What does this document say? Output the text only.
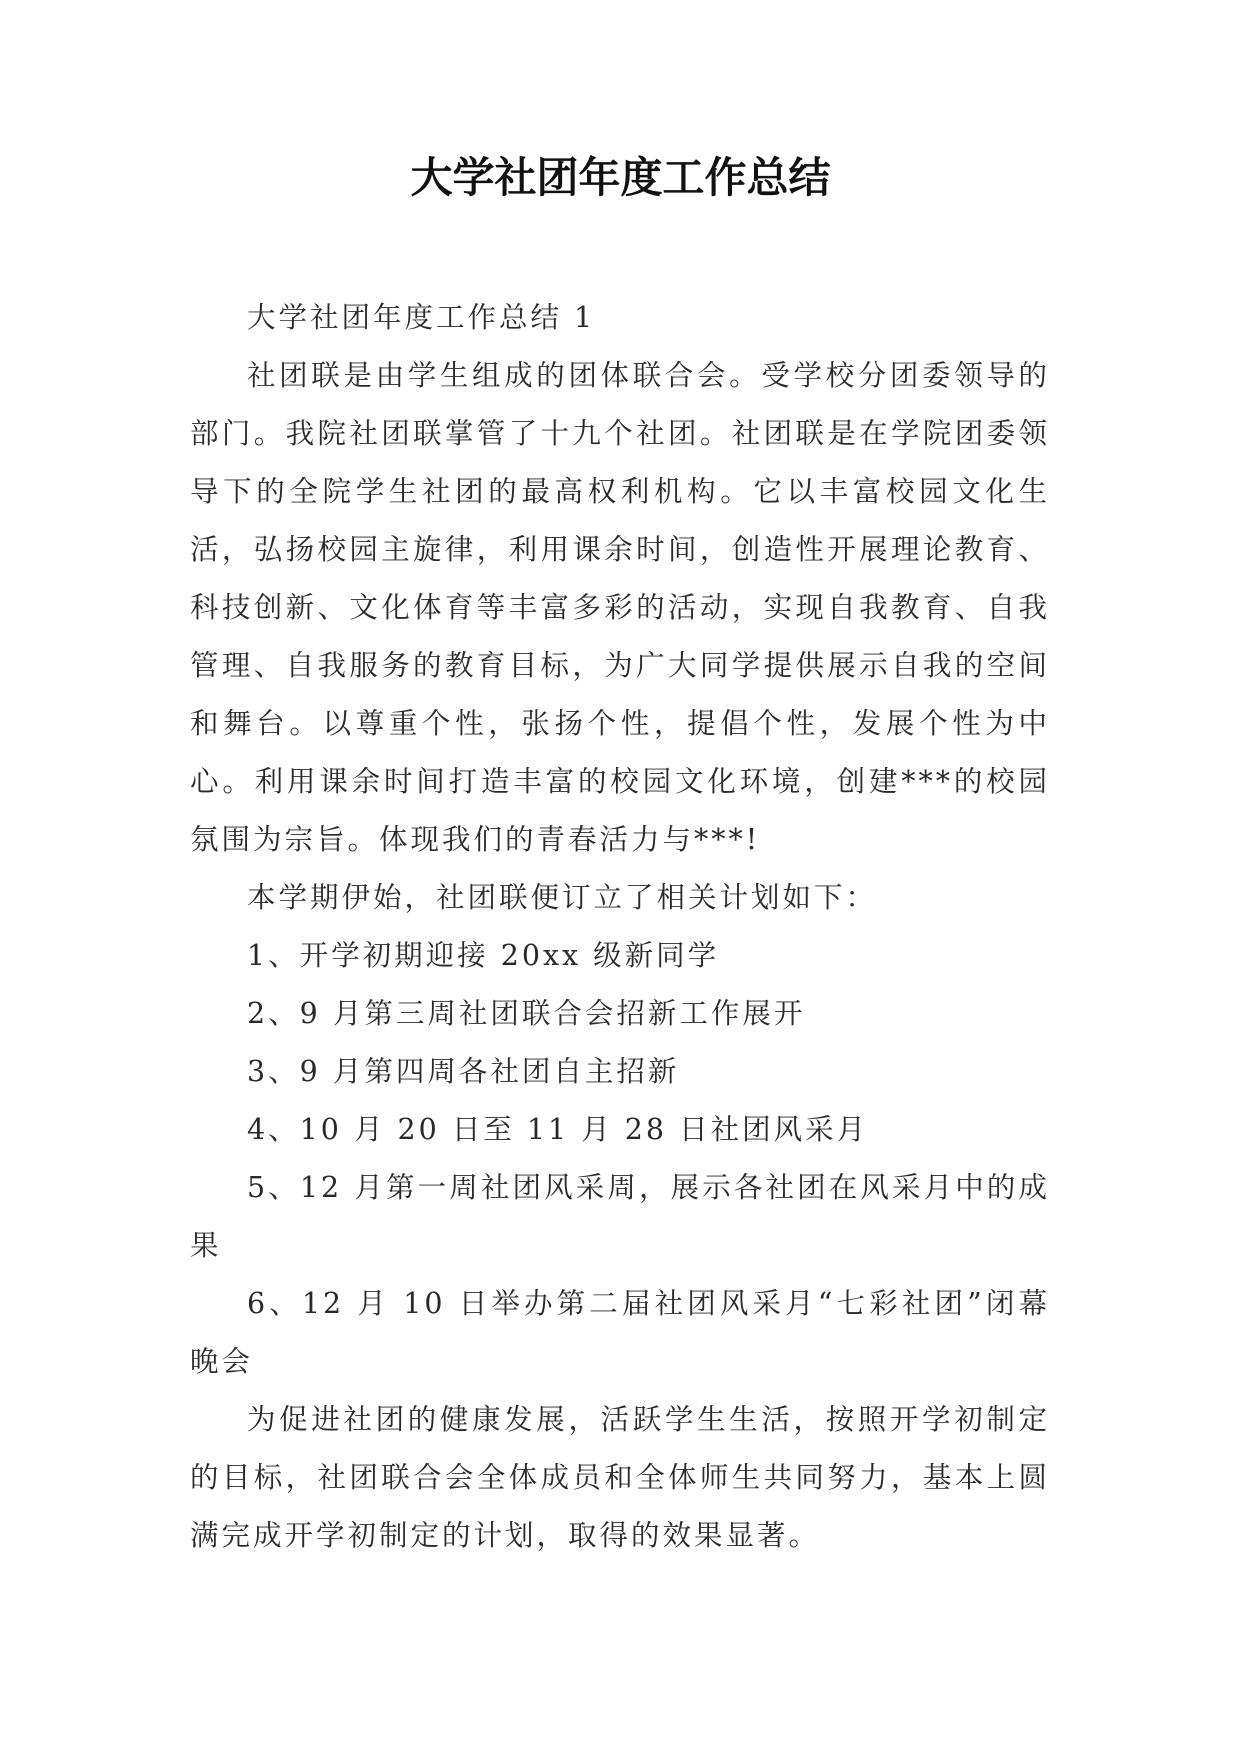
大学社团年度工作总结

大学社团年度工作总结 1

社团联是由学生组成的团体联合会。受学校分团委领导的部门。我院社团联掌管了十九个社团。社团联是在学院团委领导下的全院学生社团的最高权利机构。它以丰富校园文化生活，弘扬校园主旋律，利用课余时间，创造性开展理论教育、科技创新、文化体育等丰富多彩的活动，实现自我教育、自我管理、自我服务的教育目标，为广大同学提供展示自我的空间和舞台。以尊重个性，张扬个性，提倡个性，发展个性为中心。利用课余时间打造丰富的校园文化环境，创建***的校园氛围为宗旨。体现我们的青春活力与***!

本学期伊始，社团联便订立了相关计划如下：

1、开学初期迎接 20xx 级新同学

2、9 月第三周社团联合会招新工作展开

3、9 月第四周各社团自主招新

4、10 月 20 日至 11 月 28 日社团风采月

5、12 月第一周社团风采周，展示各社团在风采月中的成果

6、12 月 10 日举办第二届社团风采月“七彩社团”闭幕晚会

为促进社团的健康发展，活跃学生生活，按照开学初制定的目标，社团联合会全体成员和全体师生共同努力，基本上圆满完成开学初制定的计划，取得的效果显著。
